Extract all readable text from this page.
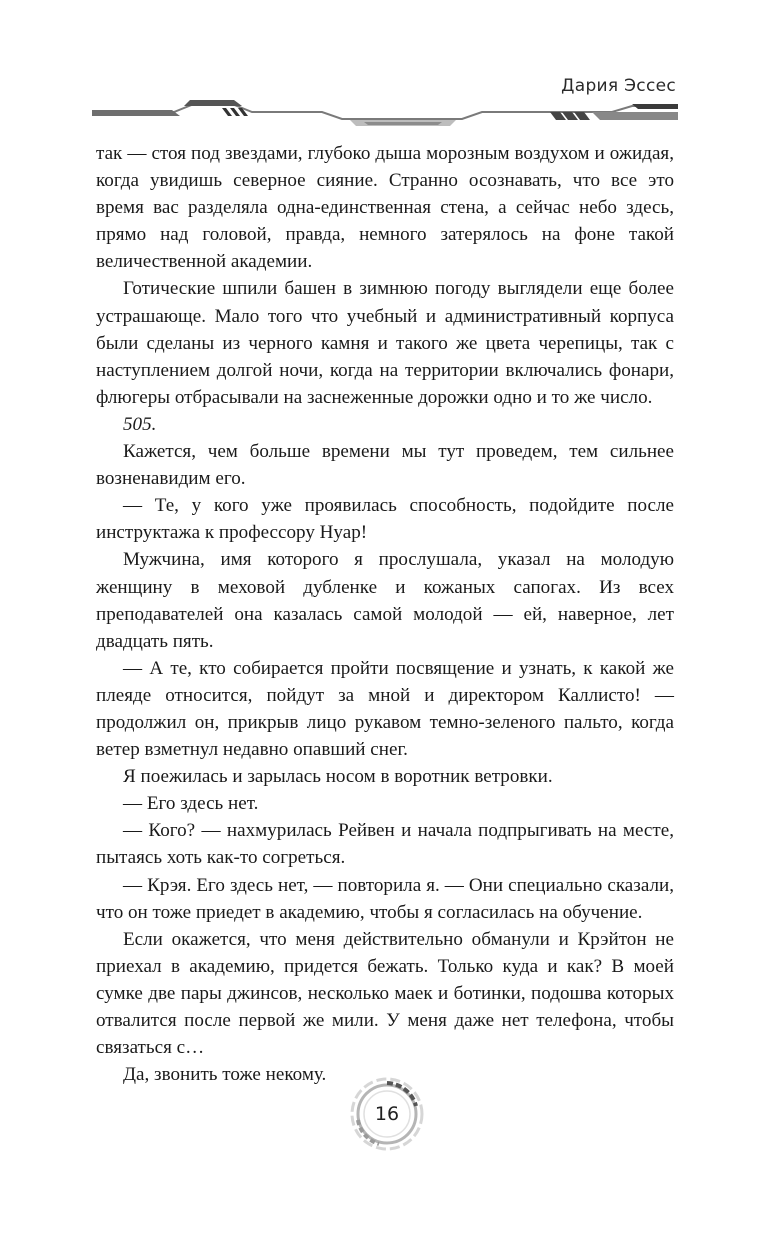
Дария Эссес

так — стоя под звездами, глубоко дыша морозным воздухом и ожидая, когда увидишь северное сияние. Странно осознавать, что все это время вас разделяла одна-единственная стена, а сейчас небо здесь, прямо над головой, правда, немного затерялось на фоне такой величественной академии.

Готические шпили башен в зимнюю погоду выглядели еще более устрашающе. Мало того что учебный и административный корпуса были сделаны из черного камня и такого же цвета черепицы, так с наступлением долгой ночи, когда на территории включались фонари, флюгеры отбрасывали на заснеженные дорожки одно и то же число.

505.

Кажется, чем больше времени мы тут проведем, тем сильнее возненавидим его.

— Те, у кого уже проявилась способность, подойдите после инструктажа к профессору Нуар!

Мужчина, имя которого я прослушала, указал на молодую женщину в меховой дубленке и кожаных сапогах. Из всех преподавателей она казалась самой молодой — ей, наверное, лет двадцать пять.

— А те, кто собирается пройти посвящение и узнать, к какой же плеяде относится, пойдут за мной и директором Каллисто! — продолжил он, прикрыв лицо рукавом темно-зеленого пальто, когда ветер взметнул недавно опавший снег.

Я поежилась и зарылась носом в воротник ветровки.

— Его здесь нет.

— Кого? — нахмурилась Рейвен и начала подпрыгивать на месте, пытаясь хоть как-то согреться.

— Крэя. Его здесь нет, — повторила я. — Они специально сказали, что он тоже приедет в академию, чтобы я согласилась на обучение.

Если окажется, что меня действительно обманули и Крэйтон не приехал в академию, придется бежать. Только куда и как? В моей сумке две пары джинсов, несколько маек и ботинки, подошва которых отвалится после первой же мили. У меня даже нет телефона, чтобы связаться с…

Да, звонить тоже некому.

16
